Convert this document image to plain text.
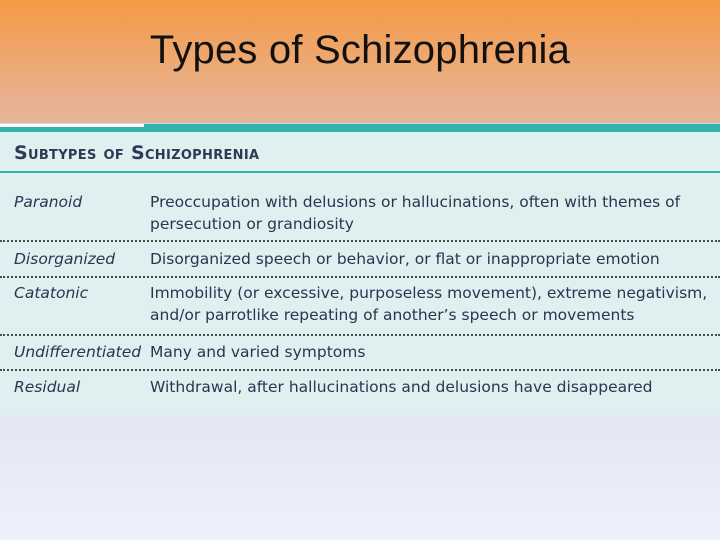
Types of Schizophrenia
Subtypes of Schizophrenia
Paranoid	Preoccupation with delusions or hallucinations, often with themes of persecution or grandiosity
Disorganized	Disorganized speech or behavior, or flat or inappropriate emotion
Catatonic	Immobility (or excessive, purposeless movement), extreme negativism, and/or parrotlike repeating of another’s speech or movements
Undifferentiated Many and varied symptoms
Residual	Withdrawal, after hallucinations and delusions have disappeared
